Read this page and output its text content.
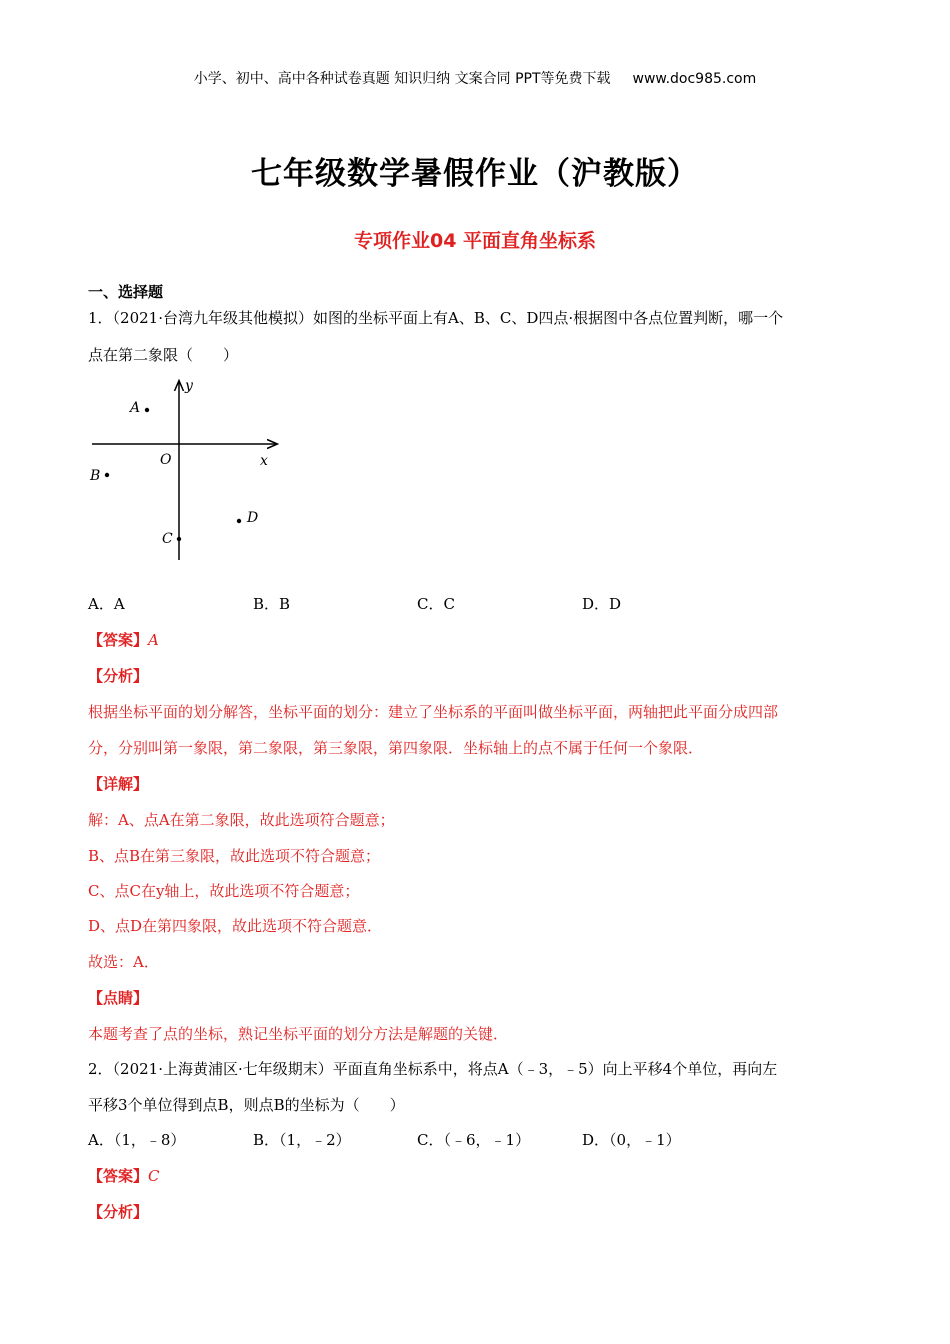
小学、初中、高中各种试卷真题 知识归纳 文案合同 PPT等免费下载 www.doc985.com
七年级数学暑假作业（沪教版）
专项作业04 平面直角坐标系
一、选择题
1．（2021·台湾九年级其他模拟）如图的坐标平面上有A、B、C、D四点·根据图中各点位置判断，哪一个
点在第二象限（　　）
y
x
O
A
B
C
D
A．A	B．B	C．C	D．D
【答案】A
【分析】
根据坐标平面的划分解答，坐标平面的划分：建立了坐标系的平面叫做坐标平面，两轴把此平面分成四部
分，分别叫第一象限，第二象限，第三象限，第四象限．坐标轴上的点不属于任何一个象限．
【详解】
解：A、点A在第二象限，故此选项符合题意；
B、点B在第三象限，故此选项不符合题意；
C、点C在y轴上，故此选项不符合题意；
D、点D在第四象限，故此选项不符合题意．
故选：A．
【点睛】
本题考查了点的坐标，熟记坐标平面的划分方法是解题的关键．
2．（2021·上海黄浦区·七年级期末）平面直角坐标系中，将点A（﹣3，﹣5）向上平移4个单位，再向左
平移3个单位得到点B，则点B的坐标为（　　）
A．（1，﹣8）	B．（1，﹣2）	C．（﹣6，﹣1）	D．（0，﹣1）
【答案】C
【分析】
